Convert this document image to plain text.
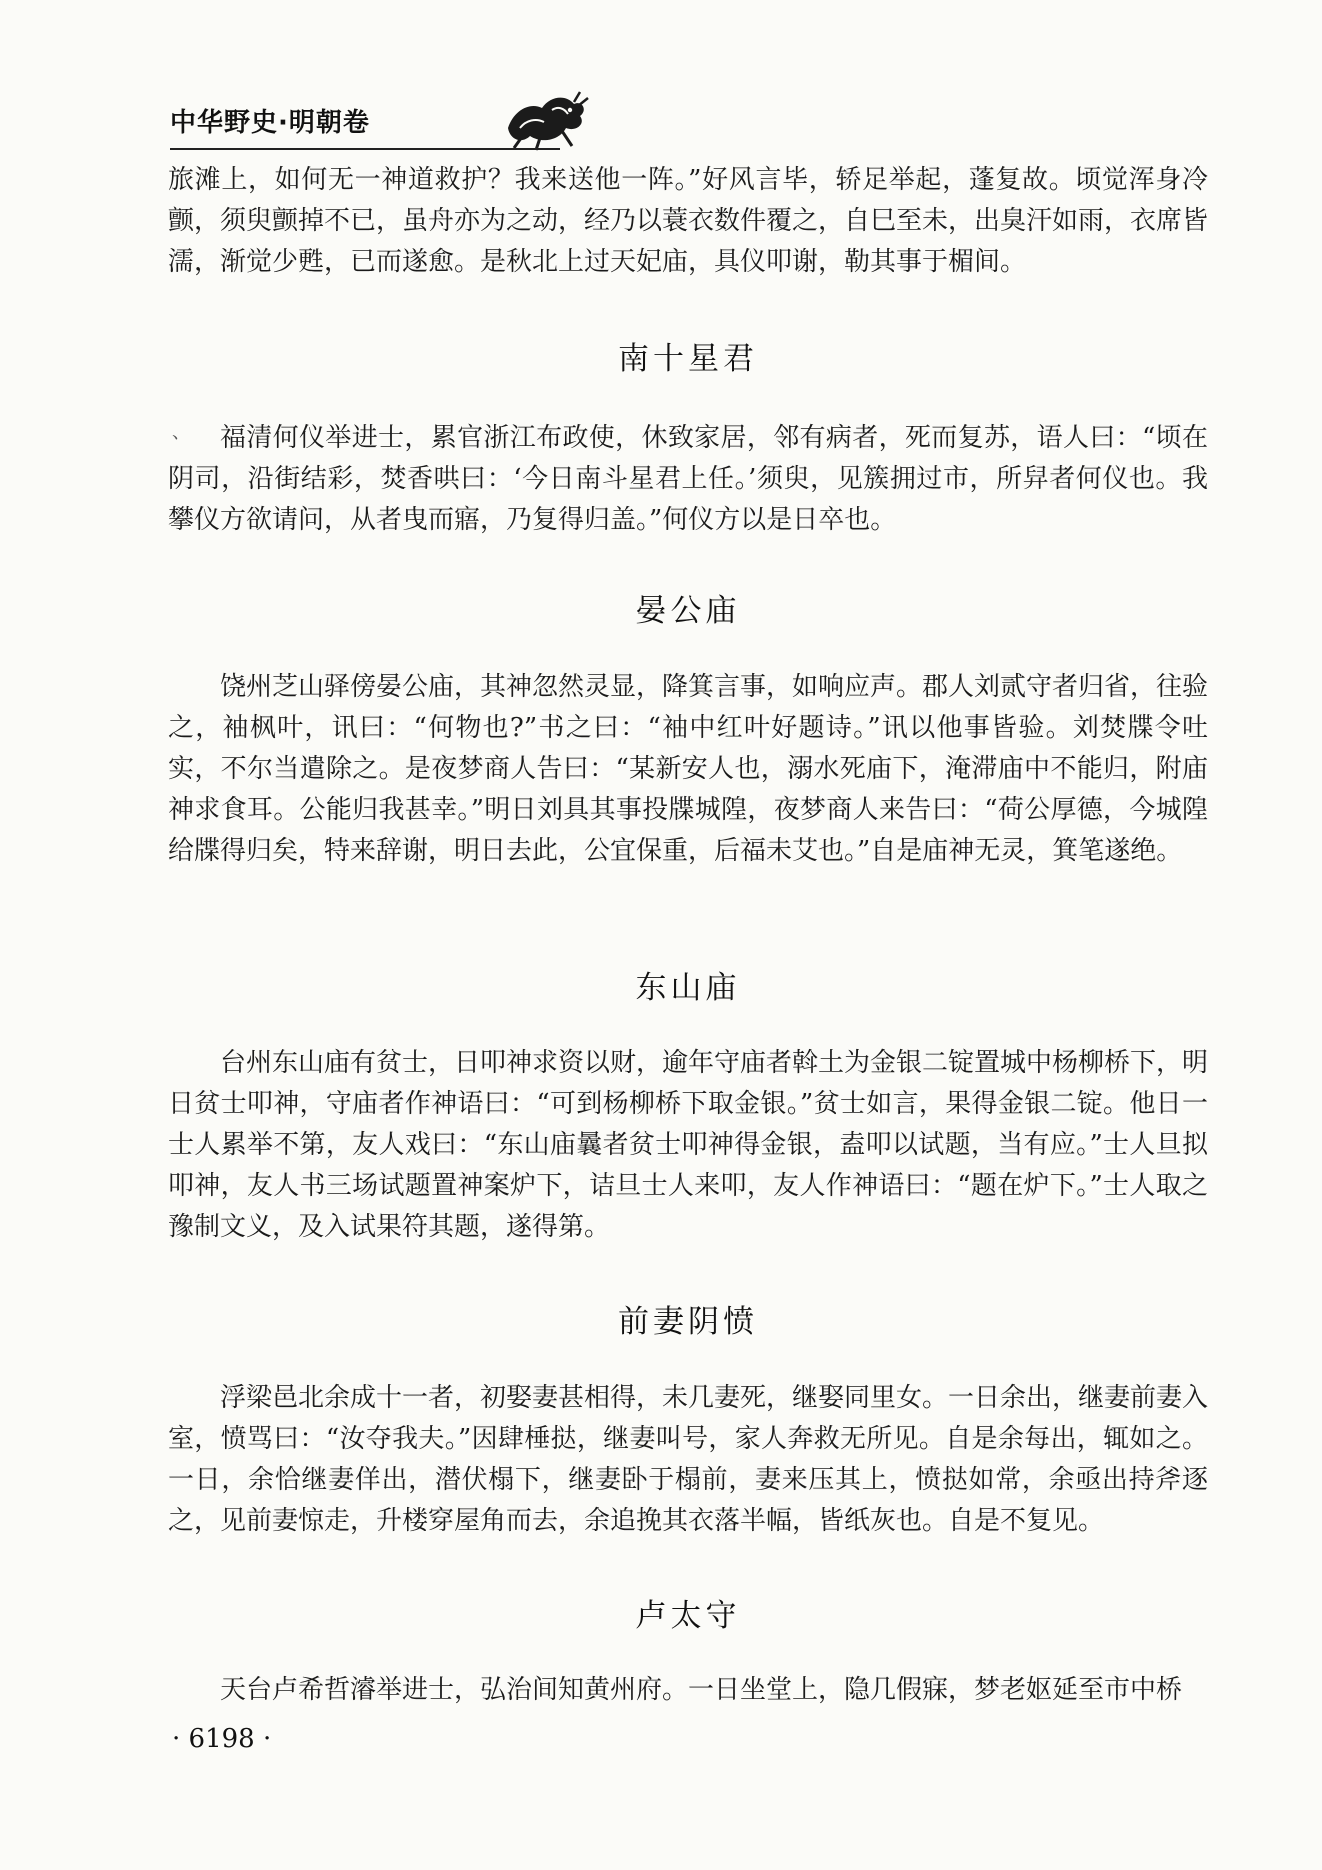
中华野史·明朝卷

旅滩上，如何无一神道救护？我来送他一阵。”好风言毕，轿足举起，蓬复故。顷觉浑身冷颤，须臾颤掉不已，虽舟亦为之动，经乃以蓑衣数件覆之，自巳至未，出臭汗如雨，衣席皆濡，渐觉少甦，已而遂愈。是秋北上过天妃庙，具仪叩谢，勒其事于楣间。

南十星君
、	福清何仪举进士，累官浙江布政使，休致家居，邻有病者，死而复苏，语人曰：“顷在阴司，沿街结彩，焚香哄曰：‘今日南斗星君上任。’须臾，见簇拥过市，所舁者何仪也。我攀仪方欲请问，从者曳而寤，乃复得归盖。”何仪方以是日卒也。

晏公庙

饶州芝山驿傍晏公庙，其神忽然灵显，降箕言事，如响应声。郡人刘贰守者归省，往验之，袖枫叶，讯曰：“何物也?”书之曰：“袖中红叶好题诗。”讯以他事皆验。刘焚牒令吐实，不尔当遣除之。是夜梦商人告曰：“某新安人也，溺水死庙下，淹滞庙中不能归，附庙神求食耳。公能归我甚幸。”明日刘具其事投牒城隍，夜梦商人来告曰：“荷公厚德，今城隍给牒得归矣，特来辞谢，明日去此，公宜保重，后福未艾也。”自是庙神无灵，箕笔遂绝。

东山庙

台州东山庙有贫士，日叩神求资以财，逾年守庙者斡土为金银二锭置城中杨柳桥下，明日贫士叩神，守庙者作神语曰：“可到杨柳桥下取金银。”贫士如言，果得金银二锭。他日一士人累举不第，友人戏曰：“东山庙曩者贫士叩神得金银，盍叩以试题，当有应。”士人旦拟叩神，友人书三场试题置神案炉下，诘旦士人来叩，友人作神语曰：“题在炉下。”士人取之豫制文义，及入试果符其题，遂得第。

前妻阴愤

浮梁邑北余成十一者，初娶妻甚相得，未几妻死，继娶同里女。一日余出，继妻前妻入室，愤骂曰：“汝夺我夫。”因肆棰挞，继妻叫号，家人奔救无所见。自是余每出，辄如之。一日，余恰继妻佯出，潜伏榻下，继妻卧于榻前，妻来压其上，愤挞如常，余亟出持斧逐之，见前妻惊走，升楼穿屋角而去，余追挽其衣落半幅，皆纸灰也。自是不复见。

卢太守

天台卢希哲濬举进士，弘治间知黄州府。一日坐堂上，隐几假寐，梦老妪延至市中桥

· 6198 ·
